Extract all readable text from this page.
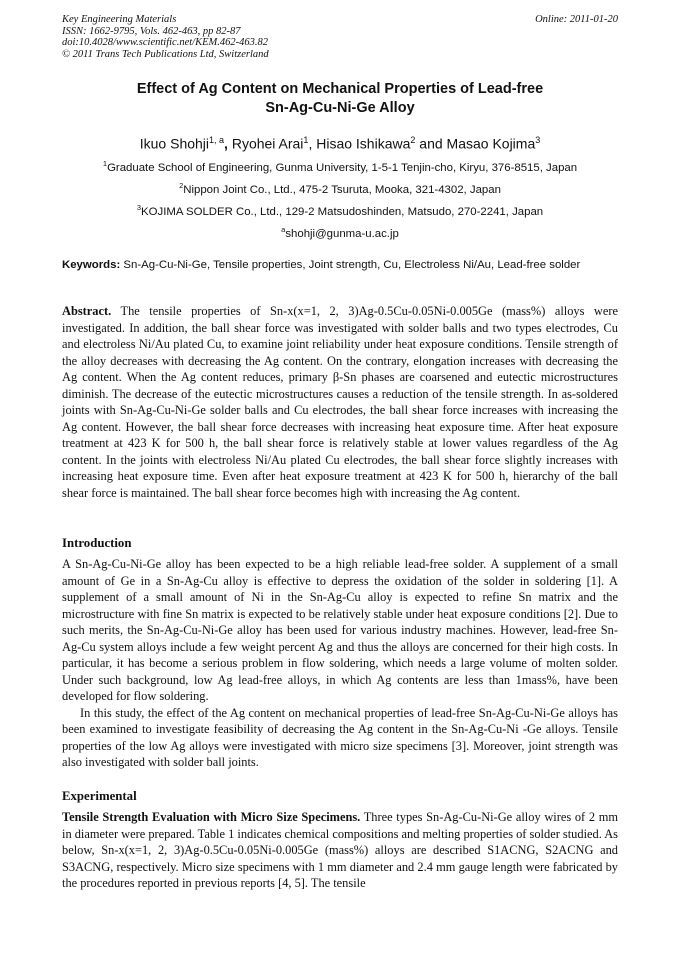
Key Engineering Materials
ISSN: 1662-9795, Vols. 462-463, pp 82-87
doi:10.4028/www.scientific.net/KEM.462-463.82
© 2011 Trans Tech Publications Ltd, Switzerland
Online: 2011-01-20
Effect of Ag Content on Mechanical Properties of Lead-free
Sn-Ag-Cu-Ni-Ge Alloy
Ikuo Shohji$^{1, a}$, Ryohei Arai$^1$, Hisao Ishikawa$^2$ and Masao Kojima$^3$
$^1$Graduate School of Engineering, Gunma University, 1-5-1 Tenjin-cho, Kiryu, 376-8515, Japan
$^2$Nippon Joint Co., Ltd., 475-2 Tsuruta, Mooka, 321-4302, Japan
$^3$KOJIMA SOLDER Co., Ltd., 129-2 Matsudoshinden, Matsudo, 270-2241, Japan
$^a$shohji@gunma-u.ac.jp
Keywords: Sn-Ag-Cu-Ni-Ge, Tensile properties, Joint strength, Cu, Electroless Ni/Au, Lead-free solder

Abstract. The tensile properties of Sn-x(x=1, 2, 3)Ag-0.5Cu-0.05Ni-0.005Ge (mass%) alloys were investigated. In addition, the ball shear force was investigated with solder balls and two types electrodes, Cu and electroless Ni/Au plated Cu, to examine joint reliability under heat exposure conditions. Tensile strength of the alloy decreases with decreasing the Ag content. On the contrary, elongation increases with decreasing the Ag content. When the Ag content reduces, primary β-Sn phases are coarsened and eutectic microstructures diminish. The decrease of the eutectic microstructures causes a reduction of the tensile strength. In as-soldered joints with Sn-Ag-Cu-Ni-Ge solder balls and Cu electrodes, the ball shear force increases with increasing the Ag content. However, the ball shear force decreases with increasing heat exposure time. After heat exposure treatment at 423 K for 500 h, the ball shear force is relatively stable at lower values regardless of the Ag content. In the joints with electroless Ni/Au plated Cu electrodes, the ball shear force slightly increases with increasing heat exposure time. Even after heat exposure treatment at 423 K for 500 h, hierarchy of the ball shear force is maintained. The ball shear force becomes high with increasing the Ag content.

Introduction

A Sn-Ag-Cu-Ni-Ge alloy has been expected to be a high reliable lead-free solder. A supplement of a small amount of Ge in a Sn-Ag-Cu alloy is effective to depress the oxidation of the solder in soldering [1]. A supplement of a small amount of Ni in the Sn-Ag-Cu alloy is expected to refine Sn matrix and the microstructure with fine Sn matrix is expected to be relatively stable under heat exposure conditions [2]. Due to such merits, the Sn-Ag-Cu-Ni-Ge alloy has been used for various industry machines. However, lead-free Sn-Ag-Cu system alloys include a few weight percent Ag and thus the alloys are concerned for their high costs. In particular, it has become a serious problem in flow soldering, which needs a large volume of molten solder. Under such background, low Ag lead-free alloys, in which Ag contents are less than 1mass%, have been developed for flow soldering.

In this study, the effect of the Ag content on mechanical properties of lead-free Sn-Ag-Cu-Ni-Ge alloys has been examined to investigate feasibility of decreasing the Ag content in the Sn-Ag-Cu-Ni -Ge alloys. Tensile properties of the low Ag alloys were investigated with micro size specimens [3]. Moreover, joint strength was also investigated with solder ball joints.

Experimental

Tensile Strength Evaluation with Micro Size Specimens. Three types Sn-Ag-Cu-Ni-Ge alloy wires of 2 mm in diameter were prepared. Table 1 indicates chemical compositions and melting properties of solder studied. As below, Sn-x(x=1, 2, 3)Ag-0.5Cu-0.05Ni-0.005Ge (mass%) alloys are described S1ACNG, S2ACNG and S3ACNG, respectively. Micro size specimens with 1 mm diameter and 2.4 mm gauge length were fabricated by the procedures reported in previous reports [4, 5]. The tensile
